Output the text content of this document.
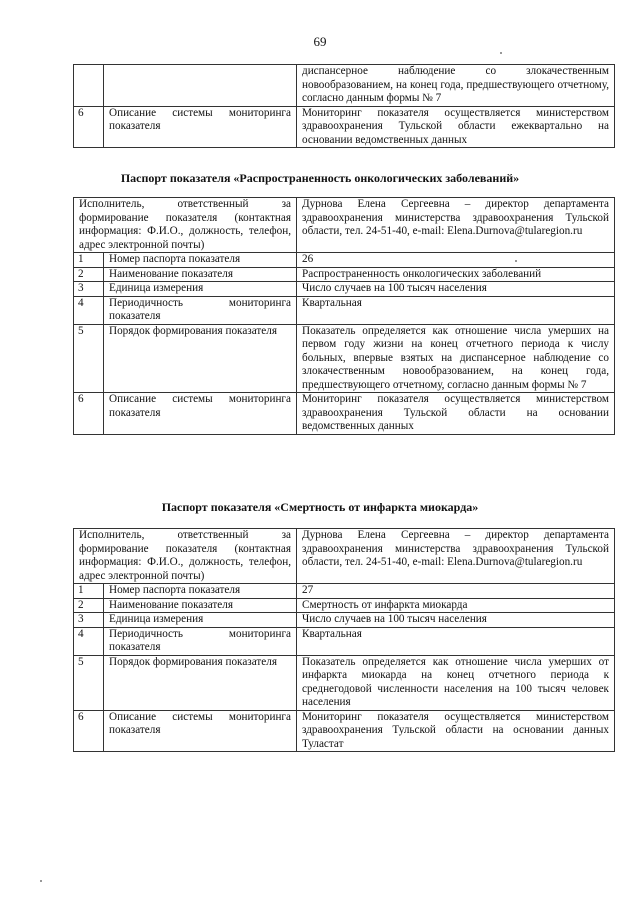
69
		диспансерное наблюдение со злокачественным новообразованием, на конец года, предшествующего отчетному, согласно данным формы № 7
6	Описание системы мониторинга показателя	Мониторинг показателя осуществляется министерством здравоохранения Тульской области ежеквартально на основании ведомственных данных
Паспорт показателя «Распространенность онкологических заболеваний»
Исполнитель, ответственный за формирование показателя (контактная информация: Ф.И.О., должность, телефон, адрес электронной почты)		Дурнова Елена Сергеевна – директор департамента здравоохранения министерства здравоохранения Тульской области, тел. 24-51-40, e-mail: Elena.Durnova@tularegion.ru
1	Номер паспорта показателя	26
2	Наименование показателя	Распространенность онкологических заболеваний
3	Единица измерения	Число случаев на 100 тысяч населения
4	Периодичность мониторинга показателя	Квартальная
5	Порядок формирования показателя	Показатель определяется как отношение числа умерших на первом году жизни на конец отчетного периода к числу больных, впервые взятых на диспансерное наблюдение со злокачественным новообразованием, на конец года, предшествующего отчетному, согласно данным формы № 7
6	Описание системы мониторинга показателя	Мониторинг показателя осуществляется министерством здравоохранения Тульской области на основании ведомственных данных
Паспорт показателя «Смертность от инфаркта миокарда»
Исполнитель, ответственный за формирование показателя (контактная информация: Ф.И.О., должность, телефон, адрес электронной почты)		Дурнова Елена Сергеевна – директор департамента здравоохранения министерства здравоохранения Тульской области, тел. 24-51-40, e-mail: Elena.Durnova@tularegion.ru
1	Номер паспорта показателя	27
2	Наименование показателя	Смертность от инфаркта миокарда
3	Единица измерения	Число случаев на 100 тысяч населения
4	Периодичность мониторинга показателя	Квартальная
5	Порядок формирования показателя	Показатель определяется как отношение числа умерших от инфаркта миокарда на конец отчетного периода к среднегодовой численности населения на 100 тысяч человек населения
6	Описание системы мониторинга показателя	Мониторинг показателя осуществляется министерством здравоохранения Тульской области на основании данных Туластат
